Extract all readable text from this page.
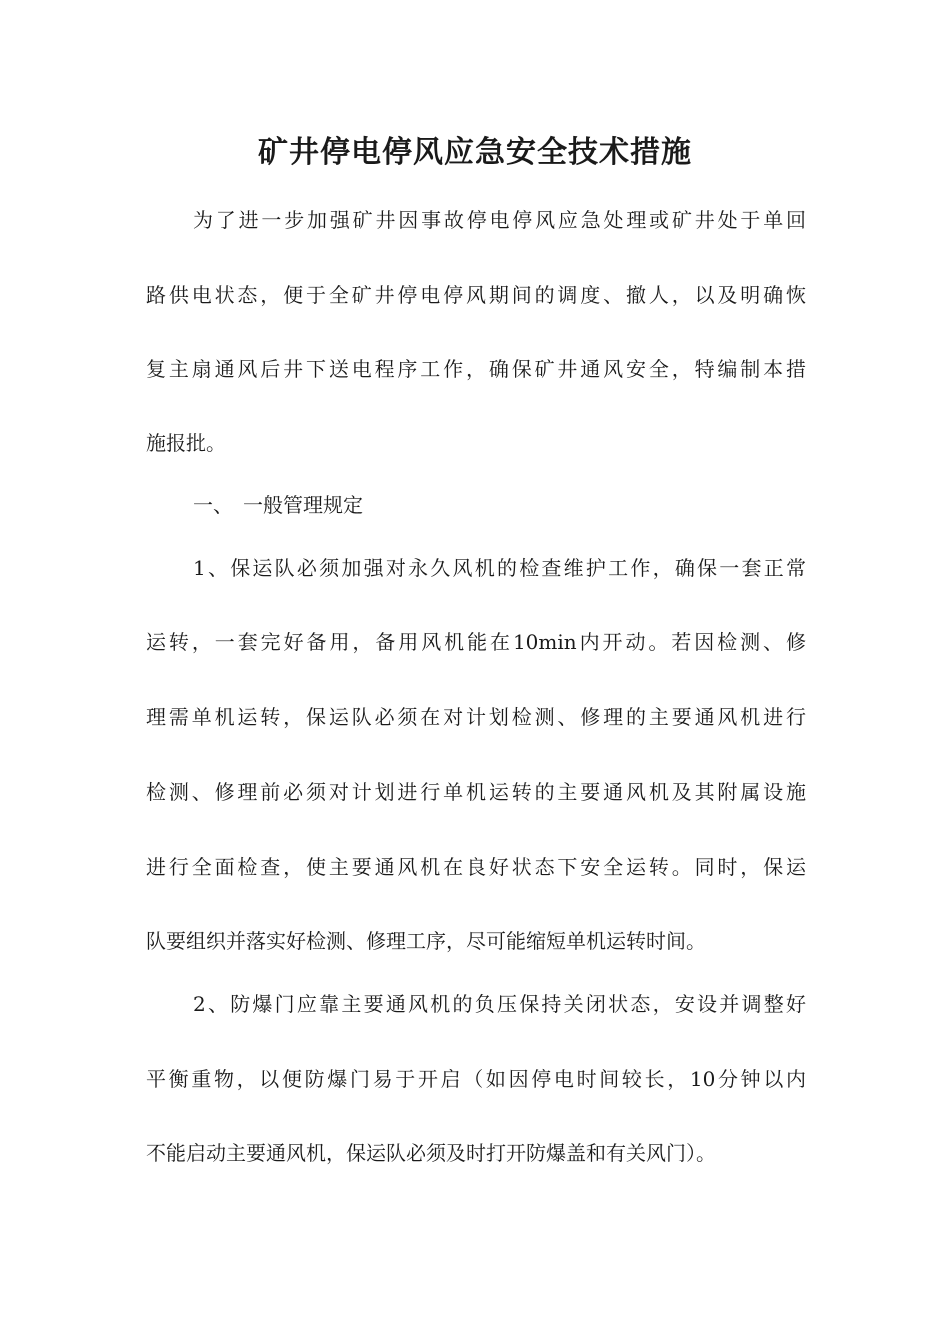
矿井停电停风应急安全技术措施
为了进一步加强矿井因事故停电停风应急处理或矿井处于单回
路供电状态，便于全矿井停电停风期间的调度、撤人，以及明确恢
复主扇通风后井下送电程序工作，确保矿井通风安全，特编制本措
施报批。
一、　一般管理规定
1、保运队必须加强对永久风机的检查维护工作，确保一套正常
运转，一套完好备用，备用风机能在10min内开动。若因检测、修
理需单机运转，保运队必须在对计划检测、修理的主要通风机进行
检测、修理前必须对计划进行单机运转的主要通风机及其附属设施
进行全面检查，使主要通风机在良好状态下安全运转。同时，保运
队要组织并落实好检测、修理工序，尽可能缩短单机运转时间。
2、防爆门应靠主要通风机的负压保持关闭状态，安设并调整好
平衡重物，以便防爆门易于开启（如因停电时间较长，10分钟以内
不能启动主要通风机，保运队必须及时打开防爆盖和有关风门）。
